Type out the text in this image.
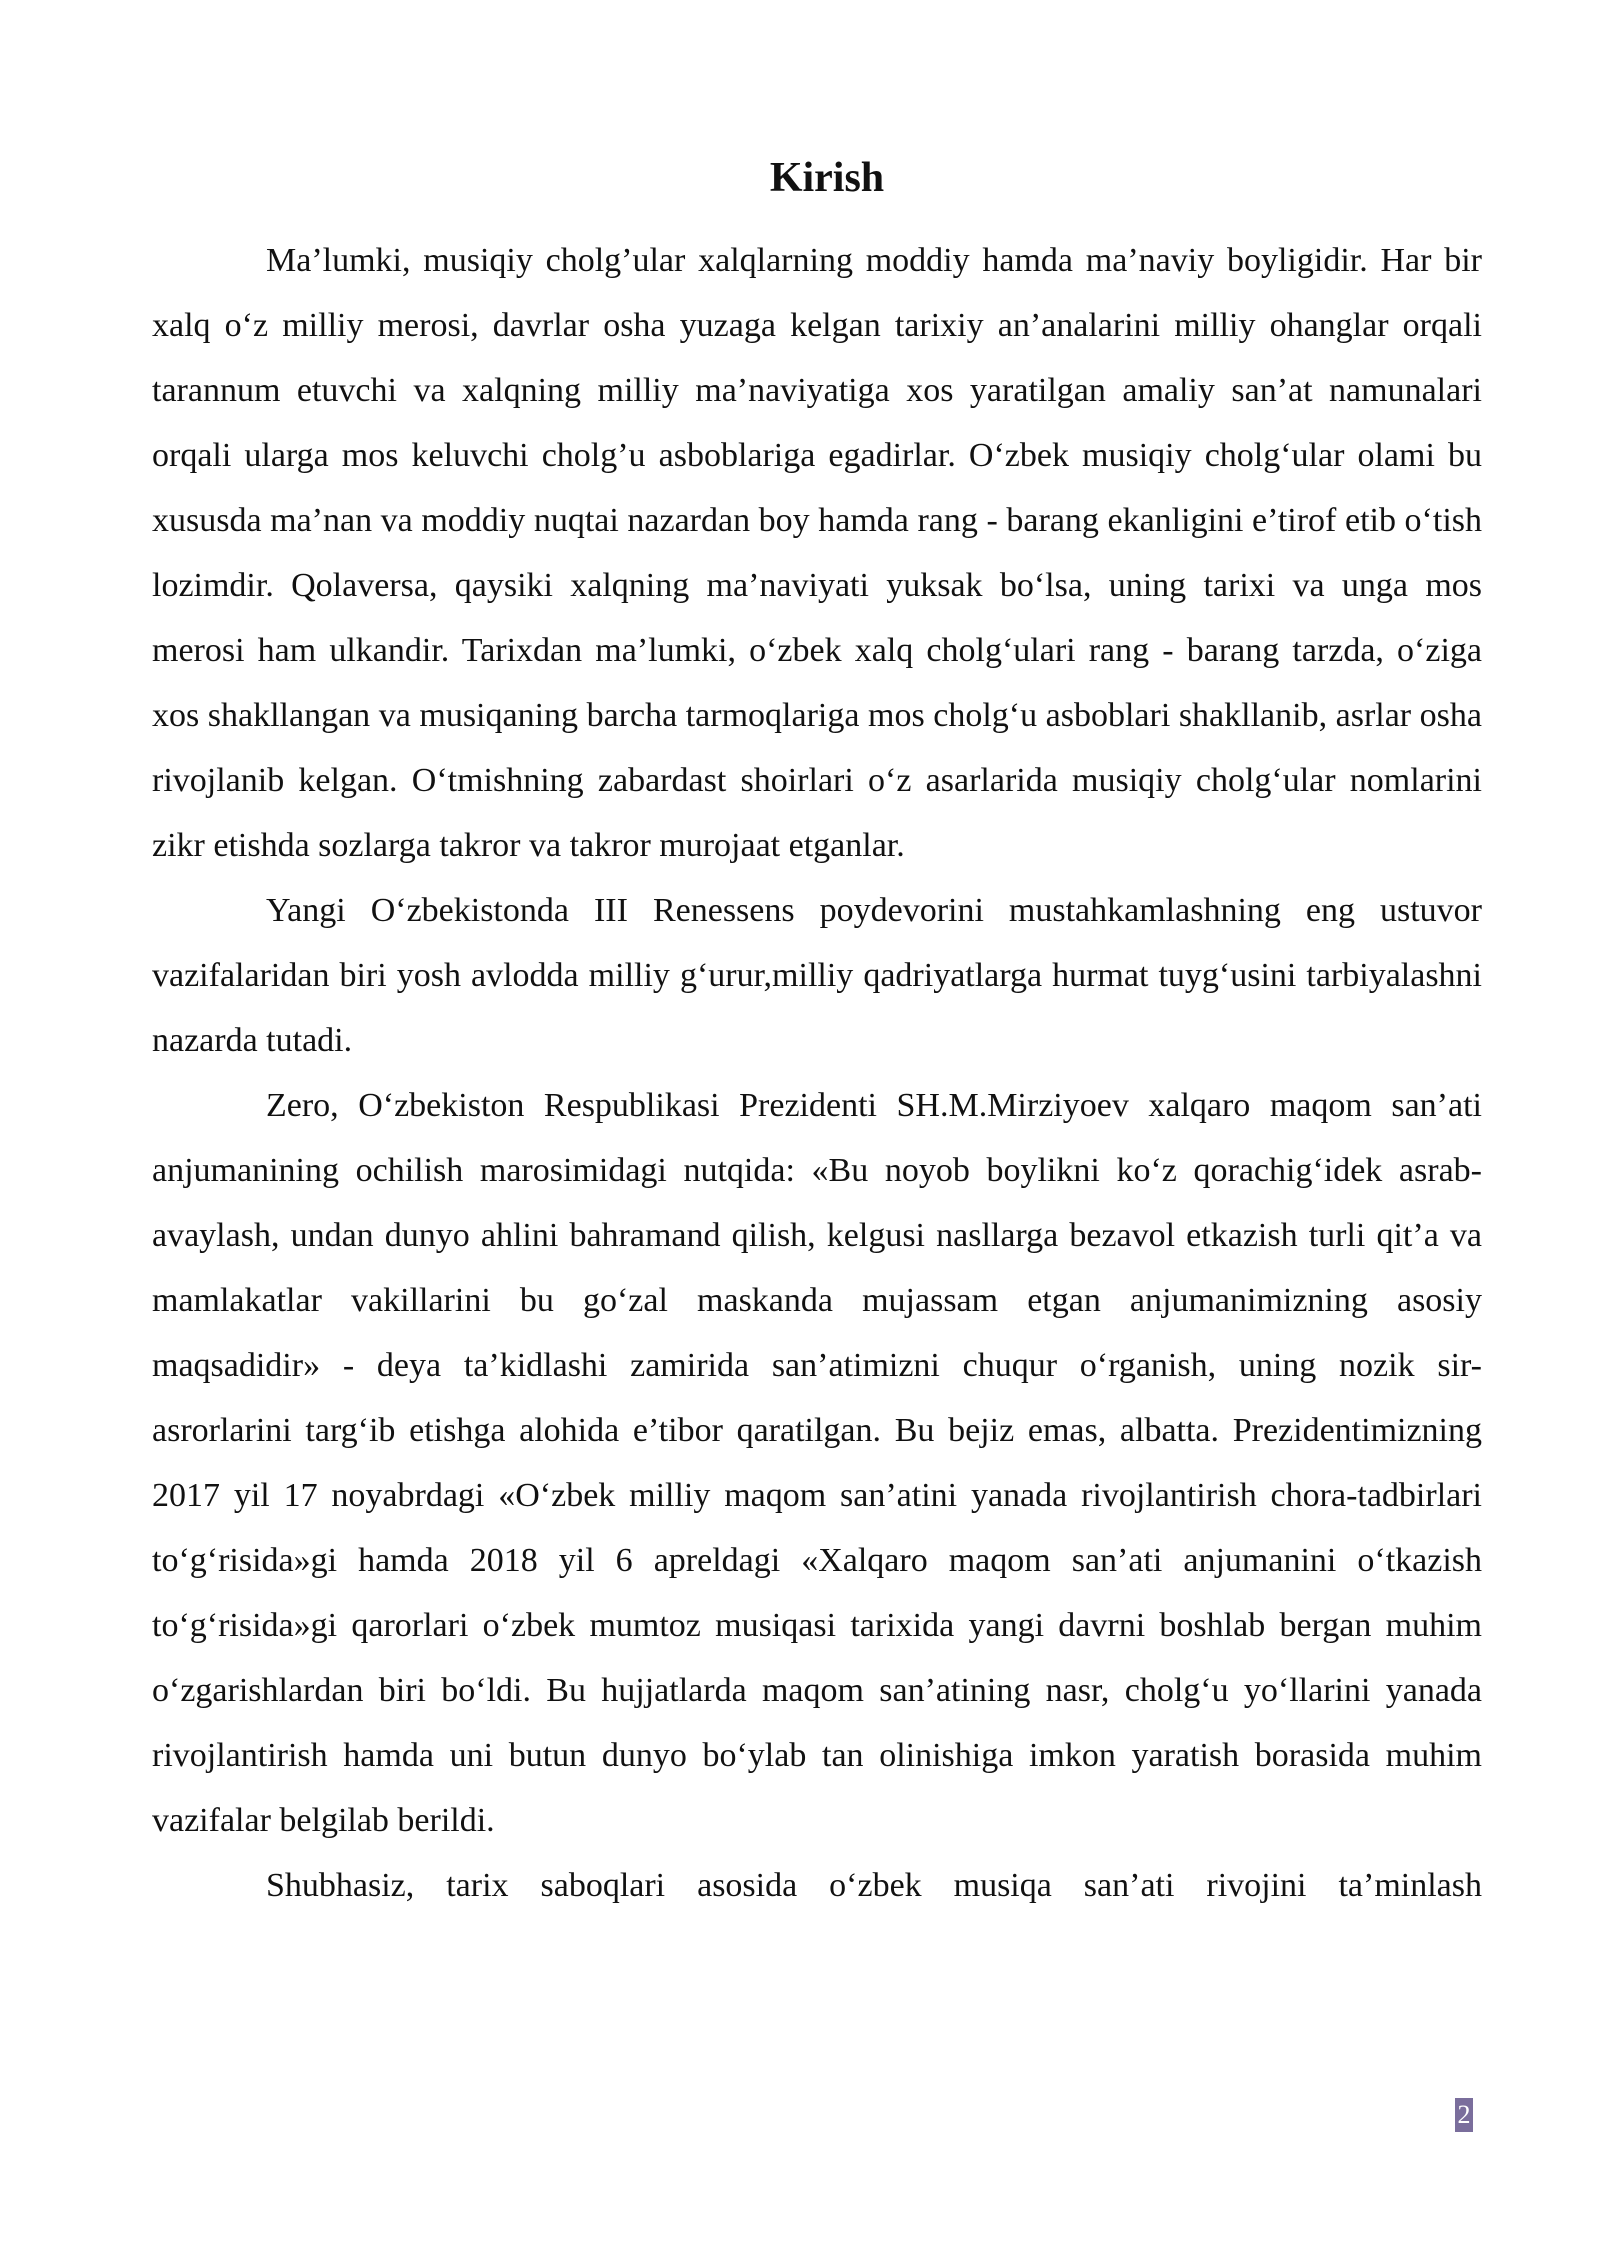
Kirish

Ma’lumki, musiqiy cholg’ular xalqlarning moddiy hamda ma’naviy boyligidir. Har bir xalq o‘z milliy merosi, davrlar osha yuzaga kelgan tarixiy an’analarini milliy ohanglar orqali tarannum etuvchi va xalqning milliy ma’naviyatiga xos yaratilgan amaliy san’at namunalari orqali ularga mos keluvchi cholg’u asboblariga egadirlar. O‘zbek musiqiy cholg‘ular olami bu xususda ma’nan va moddiy nuqtai nazardan boy hamda rang - barang ekanligini e’tirof etib o‘tish lozimdir. Qolaversa, qaysiki xalqning ma’naviyati yuksak bo‘lsa, uning tarixi va unga mos merosi ham ulkandir. Tarixdan ma’lumki, o‘zbek xalq cholg‘ulari rang - barang tarzda, o‘ziga xos shakllangan va musiqaning barcha tarmoqlariga mos cholg‘u asboblari shakllanib, asrlar osha rivojlanib kelgan. O‘tmishning zabardast shoirlari o‘z asarlarida musiqiy cholg‘ular nomlarini zikr etishda sozlarga takror va takror murojaat etganlar.

Yangi O‘zbekistonda III Renessens poydevorini mustahkamlashning eng ustuvor vazifalaridan biri yosh avlodda milliy g‘urur,milliy qadriyatlarga hurmat tuyg‘usini tarbiyalashni nazarda tutadi.

Zero, O‘zbekiston Respublikasi Prezidenti SH.M.Mirziyoev xalqaro maqom san’ati anjumanining ochilish marosimidagi nutqida: «Bu noyob boylikni ko‘z qorachig‘idek asrab- avaylash, undan dunyo ahlini bahramand qilish, kelgusi nasllarga bezavol etkazish turli qit’a va mamlakatlar vakillarini bu go‘zal maskanda mujassam etgan anjumanimizning asosiy maqsadidir» - deya ta’kidlashi zamirida san’atimizni chuqur o‘rganish, uning nozik sir- asrorlarini targ‘ib etishga alohida e’tibor qaratilgan. Bu bejiz emas, albatta. Prezidentimizning 2017 yil 17 noyabrdagi «O‘zbek milliy maqom san’atini yanada rivojlantirish chora-tadbirlari to‘g‘risida»gi hamda 2018 yil 6 apreldagi «Xalqaro maqom san’ati anjumanini o‘tkazish to‘g‘risida»gi qarorlari o‘zbek mumtoz musiqasi tarixida yangi davrni boshlab bergan muhim o‘zgarishlardan biri bo‘ldi. Bu hujjatlarda maqom san’atining nasr, cholg‘u yo‘llarini yanada rivojlantirish hamda uni butun dunyo bo‘ylab tan olinishiga imkon yaratish borasida muhim vazifalar belgilab berildi.

Shubhasiz, tarix saboqlari asosida o‘zbek musiqa san’ati rivojini ta’minlash

2
